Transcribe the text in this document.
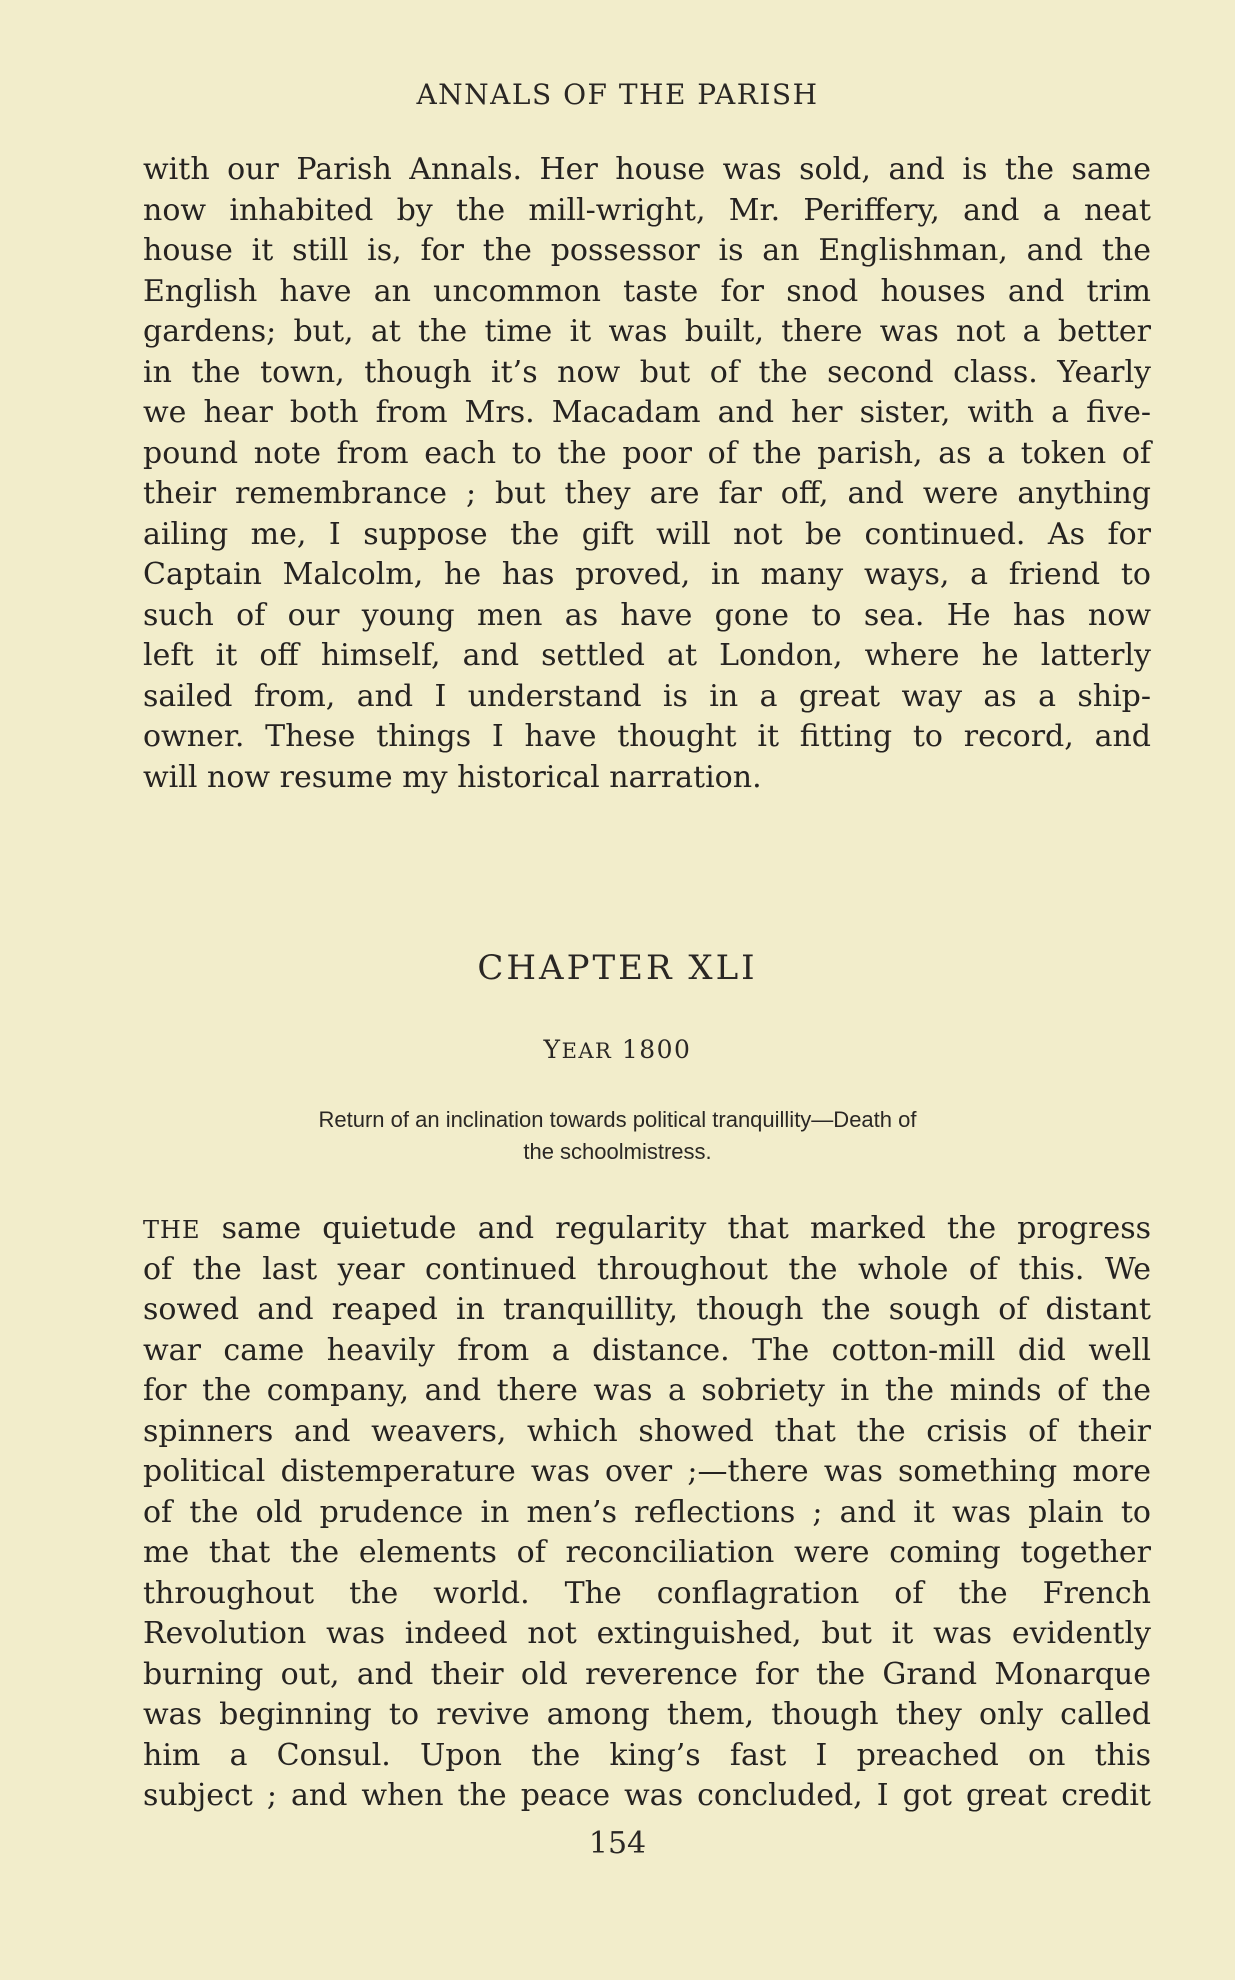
ANNALS OF THE PARISH
with our Parish Annals. Her house was sold, and is the same
now inhabited by the mill-wright, Mr. Periffery, and a neat
house it still is, for the possessor is an Englishman, and the
English have an uncommon taste for snod houses and trim
gardens; but, at the time it was built, there was not a better
in the town, though it’s now but of the second class. Yearly
we hear both from Mrs. Macadam and her sister, with a five-
pound note from each to the poor of the parish, as a token of
their remembrance ; but they are far off, and were anything
ailing me, I suppose the gift will not be continued. As for
Captain Malcolm, he has proved, in many ways, a friend to
such of our young men as have gone to sea. He has now
left it off himself, and settled at London, where he latterly
sailed from, and I understand is in a great way as a ship-
owner. These things I have thought it fitting to record, and
will now resume my historical narration.
CHAPTER XLI
YEAR 1800
Return of an inclination towards political tranquillity—Death of
the schoolmistress.
THE same quietude and regularity that marked the progress
of the last year continued throughout the whole of this. We
sowed and reaped in tranquillity, though the sough of distant
war came heavily from a distance. The cotton-mill did well
for the company, and there was a sobriety in the minds of the
spinners and weavers, which showed that the crisis of their
political distemperature was over ;—there was something more
of the old prudence in men’s reflections ; and it was plain to
me that the elements of reconciliation were coming together
throughout the world. The conflagration of the French
Revolution was indeed not extinguished, but it was evidently
burning out, and their old reverence for the Grand Monarque
was beginning to revive among them, though they only called
him a Consul. Upon the king’s fast I preached on this
subject ; and when the peace was concluded, I got great credit
154
